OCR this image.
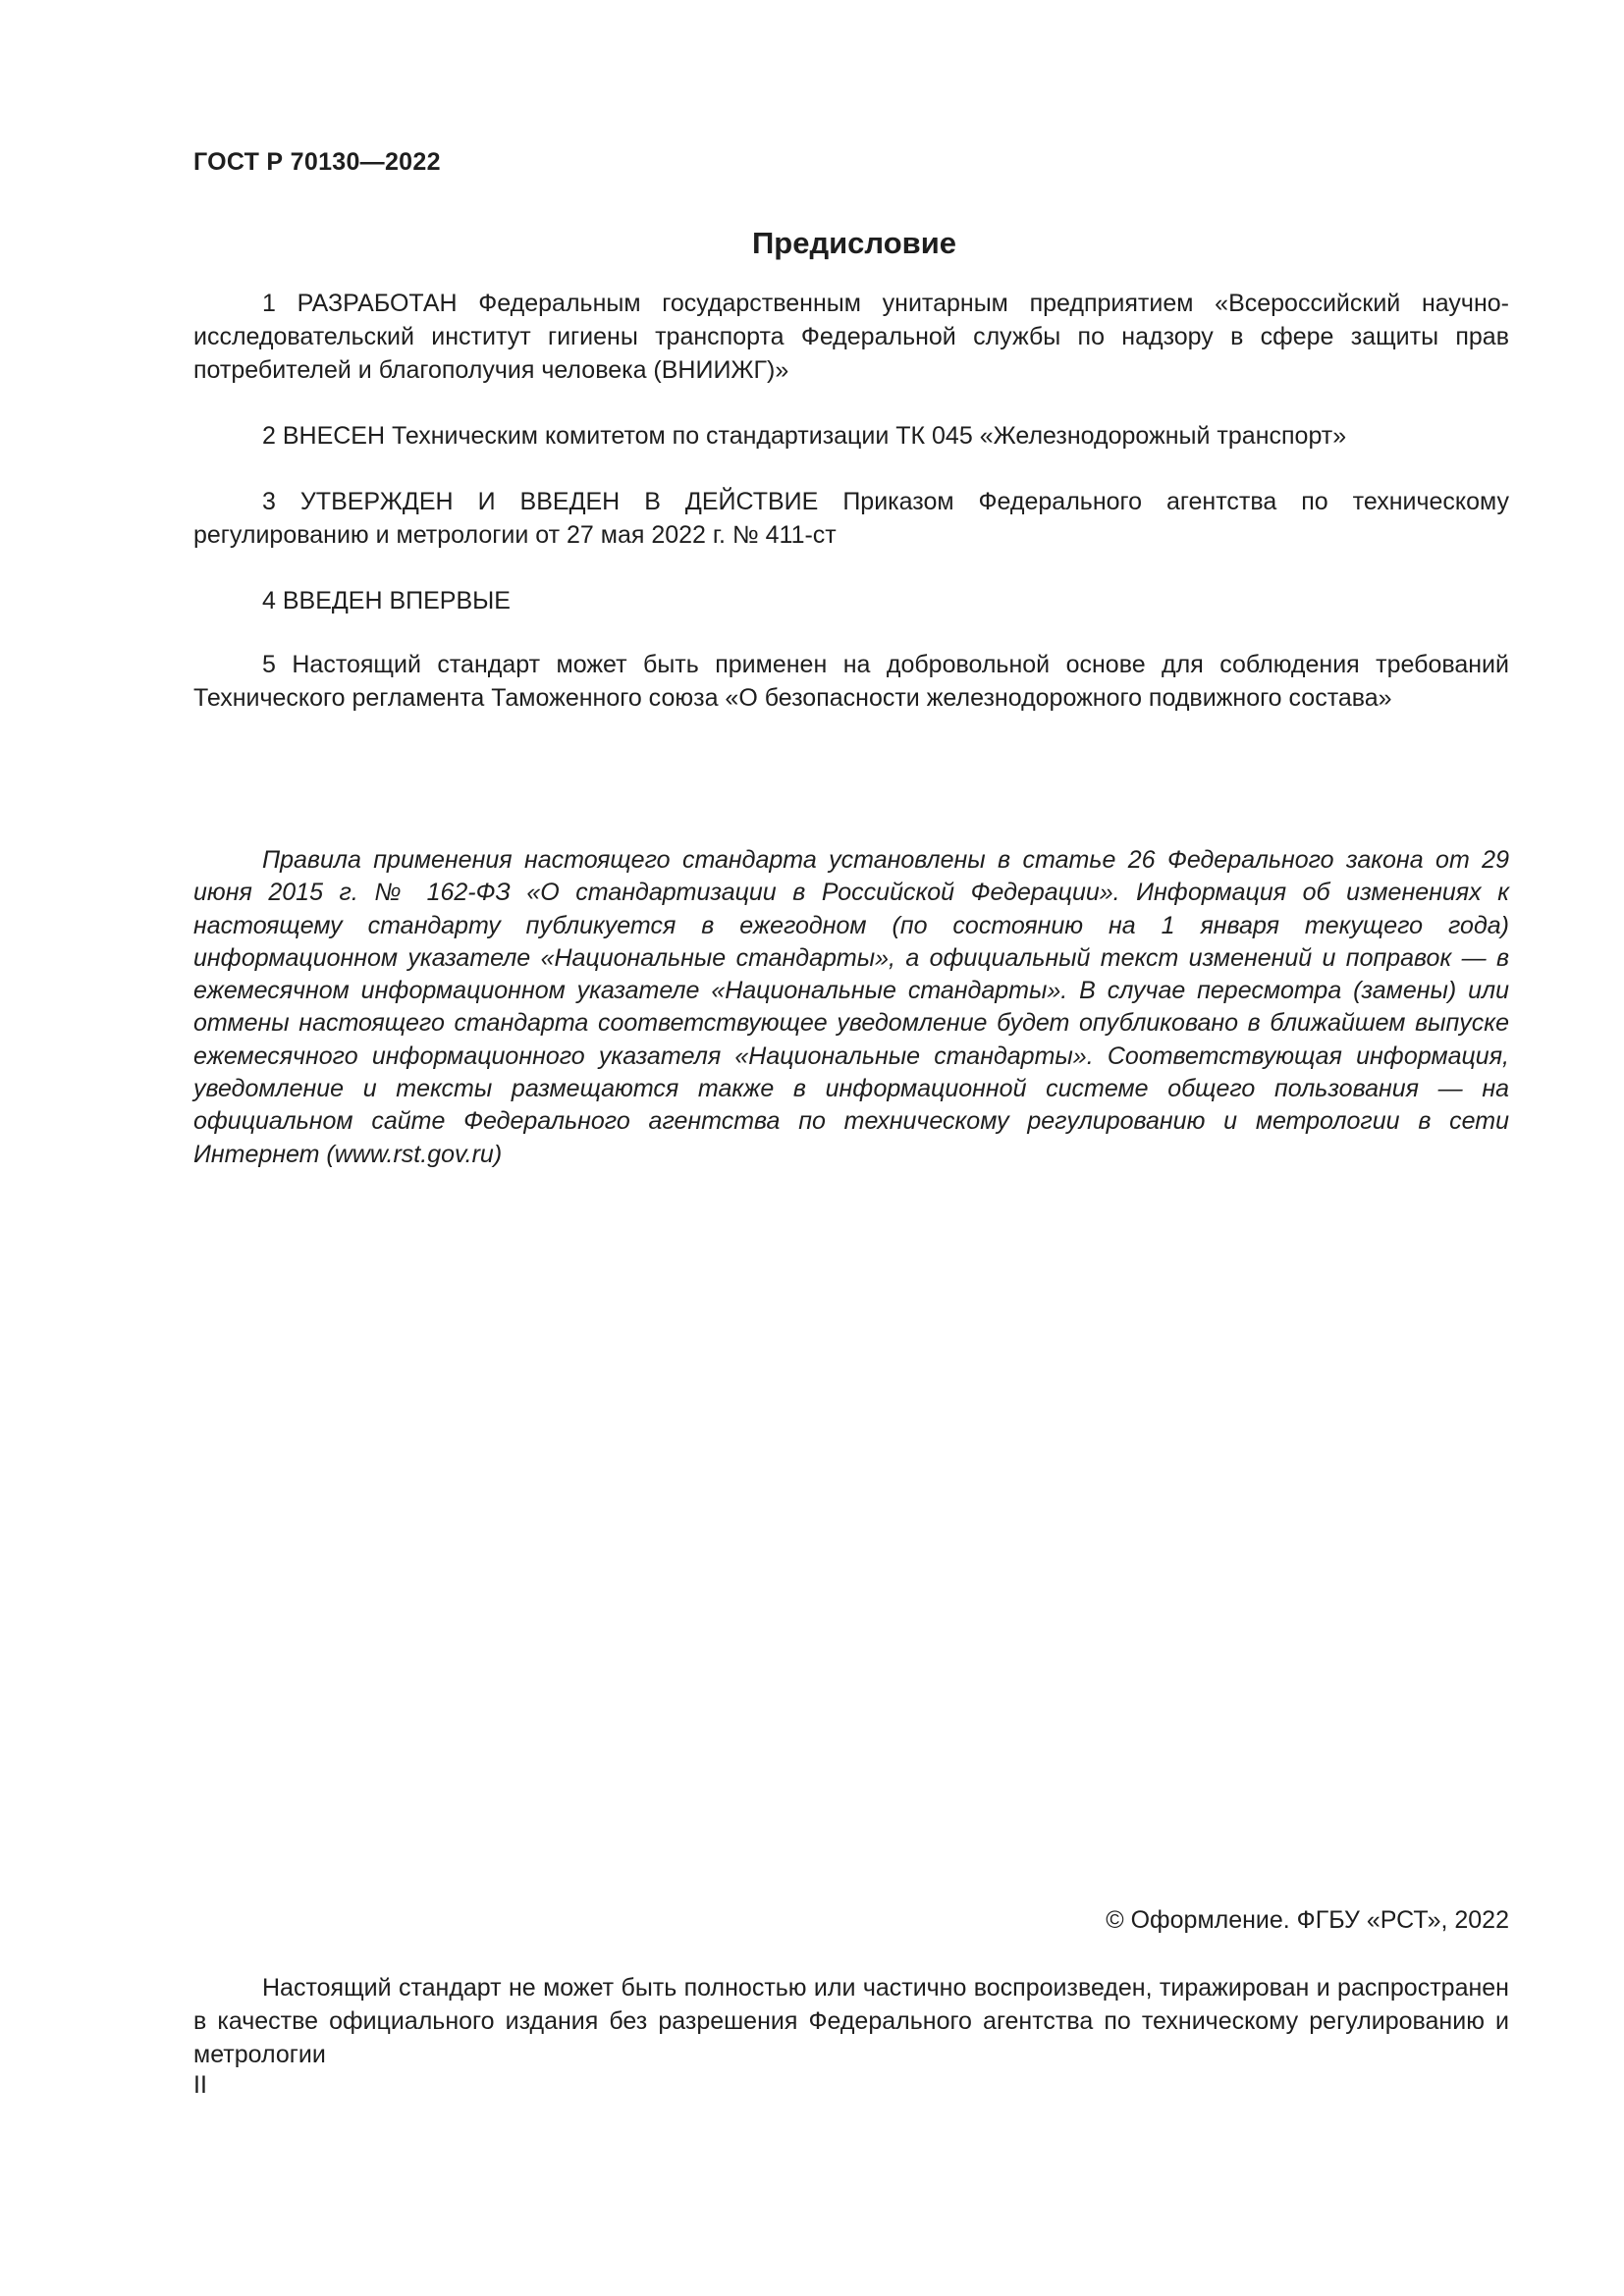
ГОСТ Р 70130—2022

Предисловие

1 РАЗРАБОТАН Федеральным государственным унитарным предприятием «Всероссийский научно-исследовательский институт гигиены транспорта Федеральной службы по надзору в сфере защиты прав потребителей и благополучия человека (ВНИИЖГ)»

2 ВНЕСЕН Техническим комитетом по стандартизации ТК 045 «Железнодорожный транспорт»

3 УТВЕРЖДЕН И ВВЕДЕН В ДЕЙСТВИЕ Приказом Федерального агентства по техническому регулированию и метрологии от 27 мая 2022 г. № 411-ст

4 ВВЕДЕН ВПЕРВЫЕ

5 Настоящий стандарт может быть применен на добровольной основе для соблюдения требований Технического регламента Таможенного союза «О безопасности железнодорожного подвижного состава»

Правила применения настоящего стандарта установлены в статье 26 Федерального закона от 29 июня 2015 г. № 162-ФЗ «О стандартизации в Российской Федерации». Информация об изменениях к настоящему стандарту публикуется в ежегодном (по состоянию на 1 января текущего года) информационном указателе «Национальные стандарты», а официальный текст изменений и поправок — в ежемесячном информационном указателе «Национальные стандарты». В случае пересмотра (замены) или отмены настоящего стандарта соответствующее уведомление будет опубликовано в ближайшем выпуске ежемесячного информационного указателя «Национальные стандарты». Соответствующая информация, уведомление и тексты размещаются также в информационной системе общего пользования — на официальном сайте Федерального агентства по техническому регулированию и метрологии в сети Интернет (www.rst.gov.ru)

© Оформление. ФГБУ «РСТ», 2022

Настоящий стандарт не может быть полностью или частично воспроизведен, тиражирован и распространен в качестве официального издания без разрешения Федерального агентства по техническому регулированию и метрологии

II
